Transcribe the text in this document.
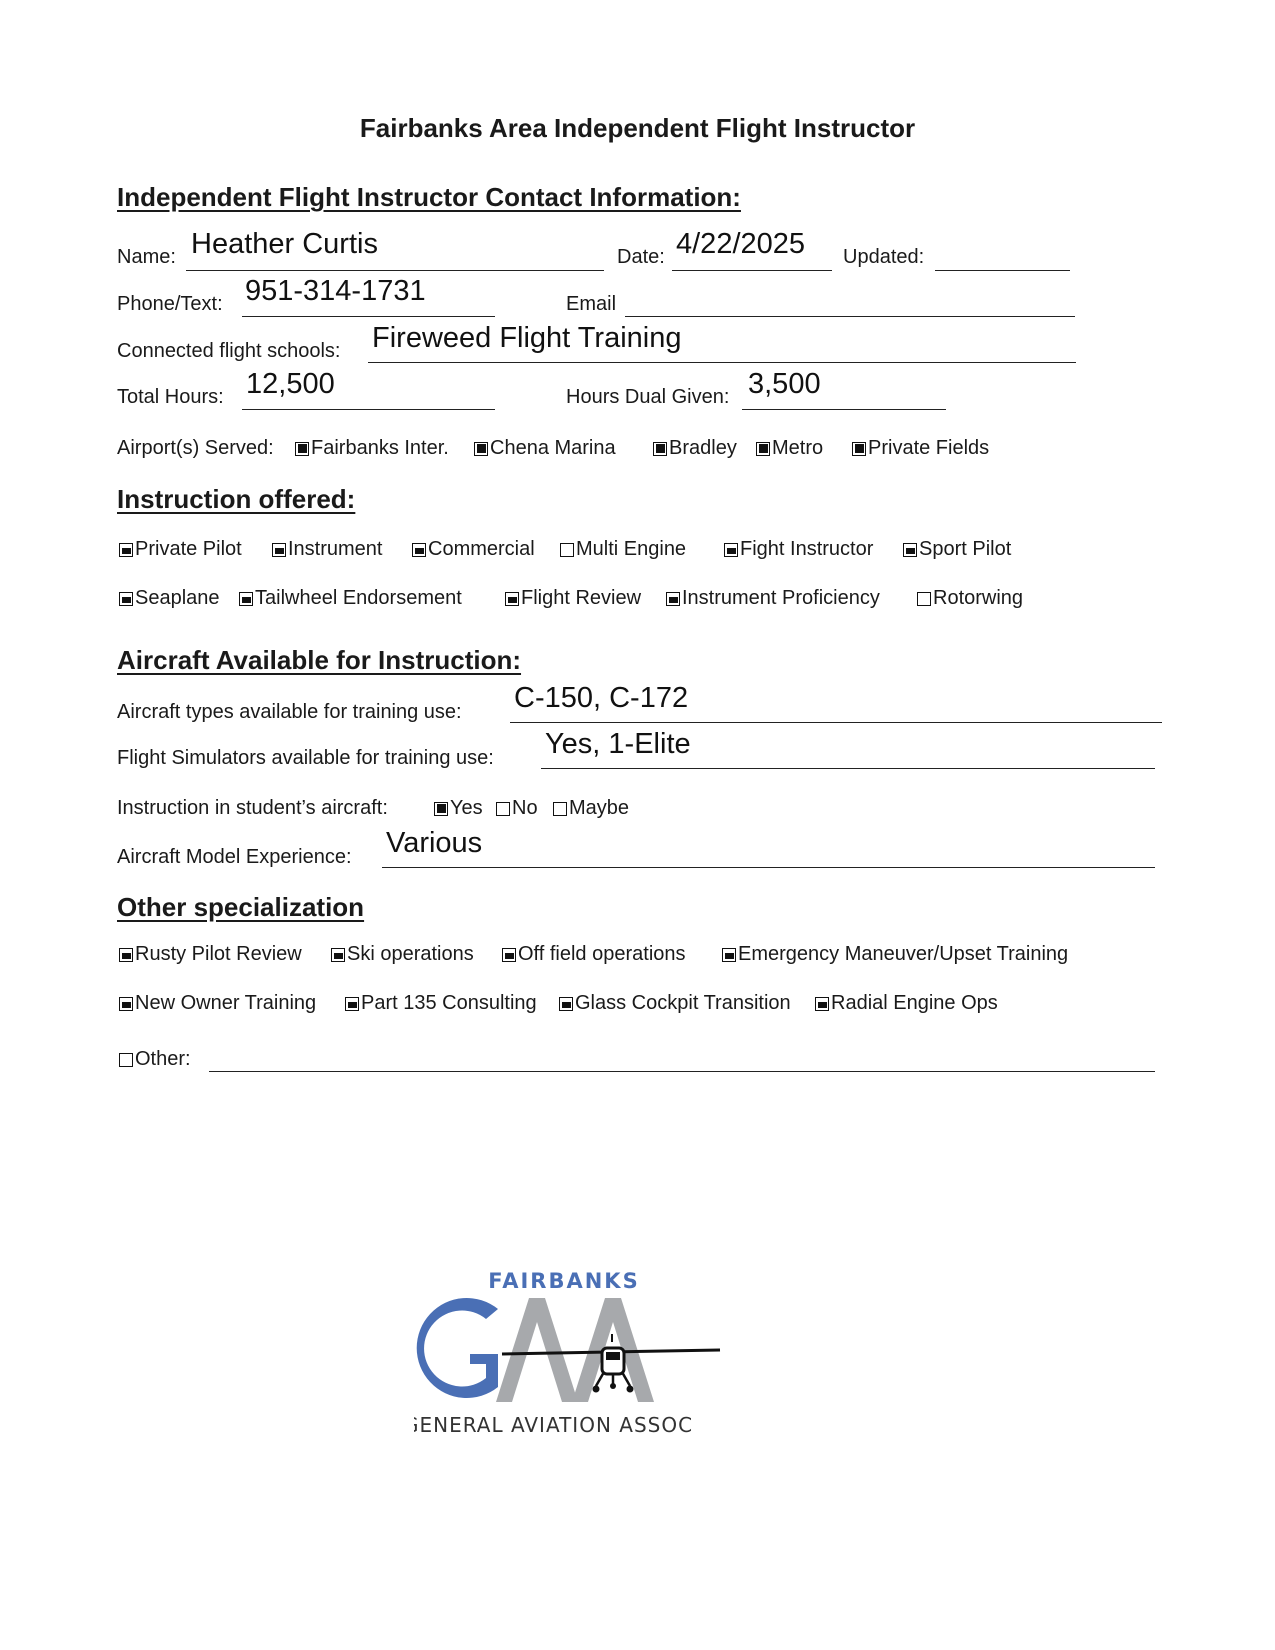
Fairbanks Area Independent Flight Instructor
Independent Flight Instructor Contact Information:
Name: Heather Curtis	Date: 4/22/2025 Updated:
Phone/Text: 951-314-1731	Email
Connected flight schools: Fireweed Flight Training
Total Hours: 12,500	Hours Dual Given: 3,500
Airport(s) Served: Fairbanks Inter. Chena Marina	Bradley Metro Private Fields
Instruction offered:
Private Pilot Instrument Commercial Multi Engine	Fight Instructor Sport Pilot
Seaplane Tailwheel Endorsement	Flight Review Instrument Proficiency	Rotorwing
Aircraft Available for Instruction:
Aircraft types available for training use: C-150, C-172
Flight Simulators available for training use: Yes, 1-Elite
Instruction in student’s aircraft:	Yes No Maybe
Aircraft Model Experience: Various
Other specialization
Rusty Pilot Review Ski operations Off field operations	Emergency Maneuver/Upset Training
New Owner Training Part 135 Consulting Glass Cockpit Transition Radial Engine Ops
Other:
FAIRBANKS
GENERAL AVIATION ASSOC
